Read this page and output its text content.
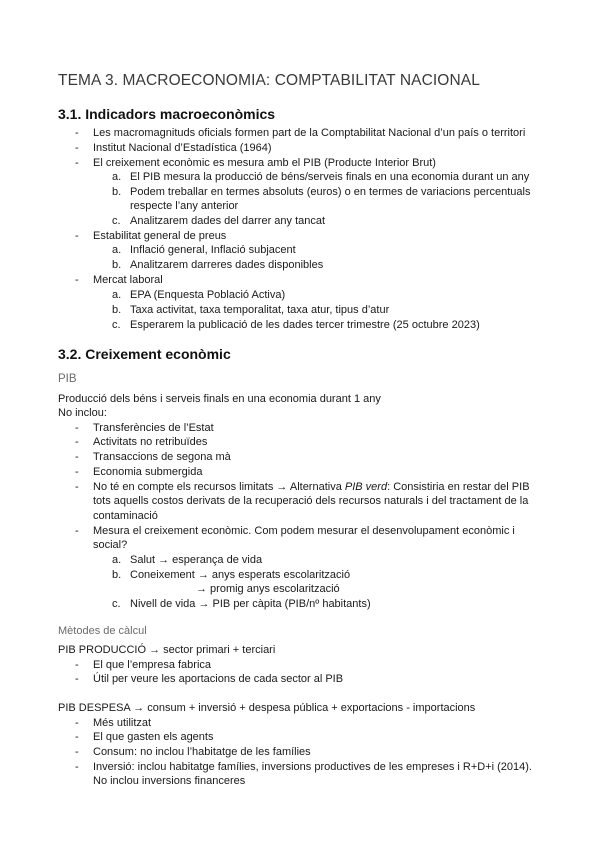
TEMA 3. MACROECONOMIA: COMPTABILITAT NACIONAL
3.1. Indicadors macroeconòmics
- Les macromagnituds oficials formen part de la Comptabilitat Nacional d’un país o territori
- Institut Nacional d’Estadística (1964)
- El creixement econòmic es mesura amb el PIB (Producte Interior Brut)
a. El PIB mesura la producció de béns/serveis finals en una economia durant un any
b. Podem treballar en termes absoluts (euros) o en termes de variacions percentuals
respecte l’any anterior
c. Analitzarem dades del darrer any tancat
- Estabilitat general de preus
a. Inflació general, Inflació subjacent
b. Analitzarem darreres dades disponibles
- Mercat laboral
a. EPA (Enquesta Població Activa)
b. Taxa activitat, taxa temporalitat, taxa atur, tipus d’atur
c. Esperarem la publicació de les dades tercer trimestre (25 octubre 2023)
3.2. Creixement econòmic
PIB
Producció dels béns i serveis finals en una economia durant 1 any
No inclou:
- Transferències de l’Estat
- Activitats no retribuïdes
- Transaccions de segona mà
- Economia submergida
- No té en compte els recursos limitats → Alternativa PIB verd: Consistiria en restar del PIB
tots aquells costos derivats de la recuperació dels recursos naturals i del tractament de la
contaminació
- Mesura el creixement econòmic. Com podem mesurar el desenvolupament econòmic i
social?
a. Salut → esperança de vida
b. Coneixement → anys esperats escolarització
→ promig anys escolarització
c. Nivell de vida → PIB per càpita (PIB/nº habitants)
Mètodes de càlcul
PIB PRODUCCIÓ → sector primari + terciari
- El que l’empresa fabrica
- Útil per veure les aportacions de cada sector al PIB
PIB DESPESA → consum + inversió + despesa pública + exportacions - importacions
- Més utilitzat
- El que gasten els agents
- Consum: no inclou l’habitatge de les famílies
- Inversió: inclou habitatge famílies, inversions productives de les empreses i R+D+i (2014).
No inclou inversions financeres
